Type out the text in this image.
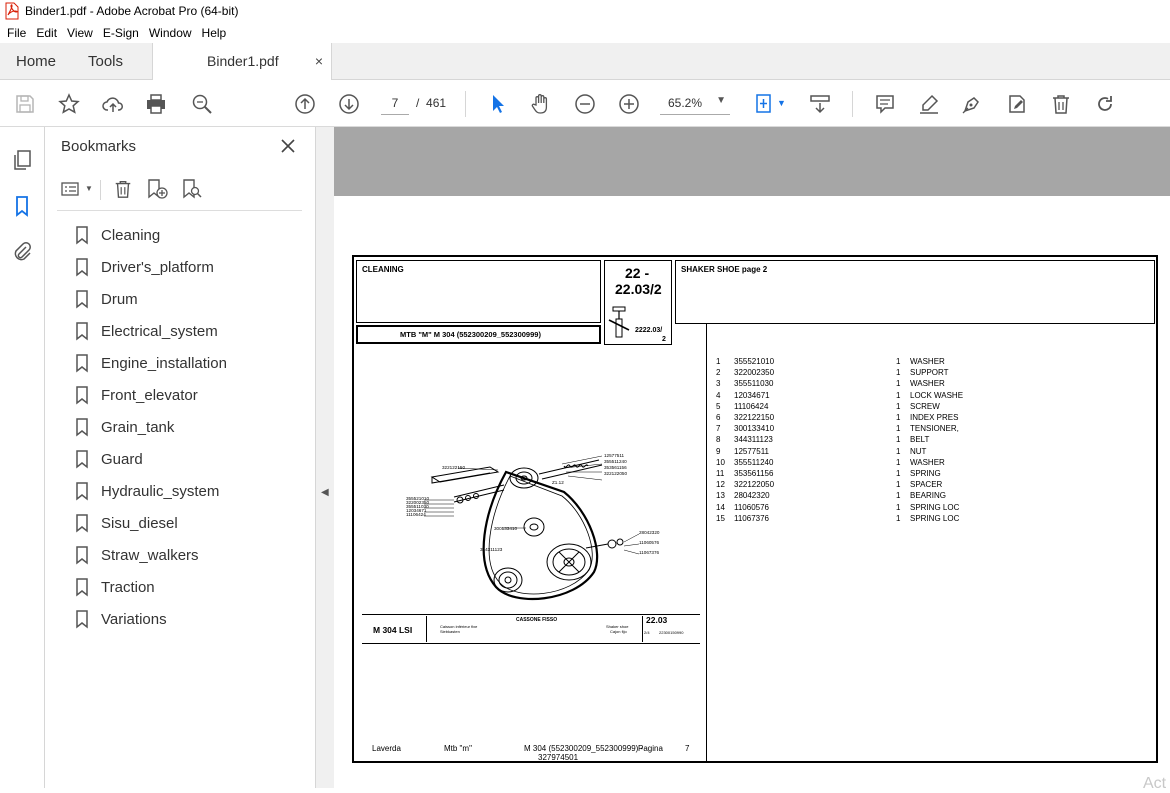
Binder1.pdf - Adobe Acrobat Pro (64-bit)
File Edit View E-Sign Window Help
Home Tools	Binder1.pdf	×
7
/ 461	65.2% ▼	▼
Bookmarks
▼
Cleaning
Driver's_platform
Drum
Electrical_system
Engine_installation
Front_elevator
Grain_tank
Guard
Hydraulic_system
Sisu_diesel
Straw_walkers
Traction
Variations
◀
CLEANING
MTB "M" M 304 (552300209_552300999)
22 -
22.03/2
2222.03/
2
SHAKER SHOE page 2
12577511
355511240
353561156
322122050
322122150
Z1.12
355521010
322002350
355511030
12034671
11106424
300133410
28042320
11060576
11067376
344311123
M 304 LSI
CASSONE FISSO
Caisson inférieur fixe
Siebkasten
Shaker shoe
Cajon fijo
22.03
2/4 22300150990
Laverda	Mtb "m"	M 304 (552300209_552300999) -
327974501
Pagina	7
1 355521010	1 WASHER
2 322002350	1 SUPPORT
3 355511030	1 WASHER
4 12034671	1 LOCK WASHE
5 11106424	1 SCREW
6 322122150	1 INDEX PRES
7 300133410	1 TENSIONER,
8 344311123	1 BELT
9 12577511	1 NUT
10 355511240	1 WASHER
11 353561156	1 SPRING
12 322122050	1 SPACER
13 28042320	1 BEARING
14 11060576	1 SPRING LOC
15 11067376	1 SPRING LOC
Act
